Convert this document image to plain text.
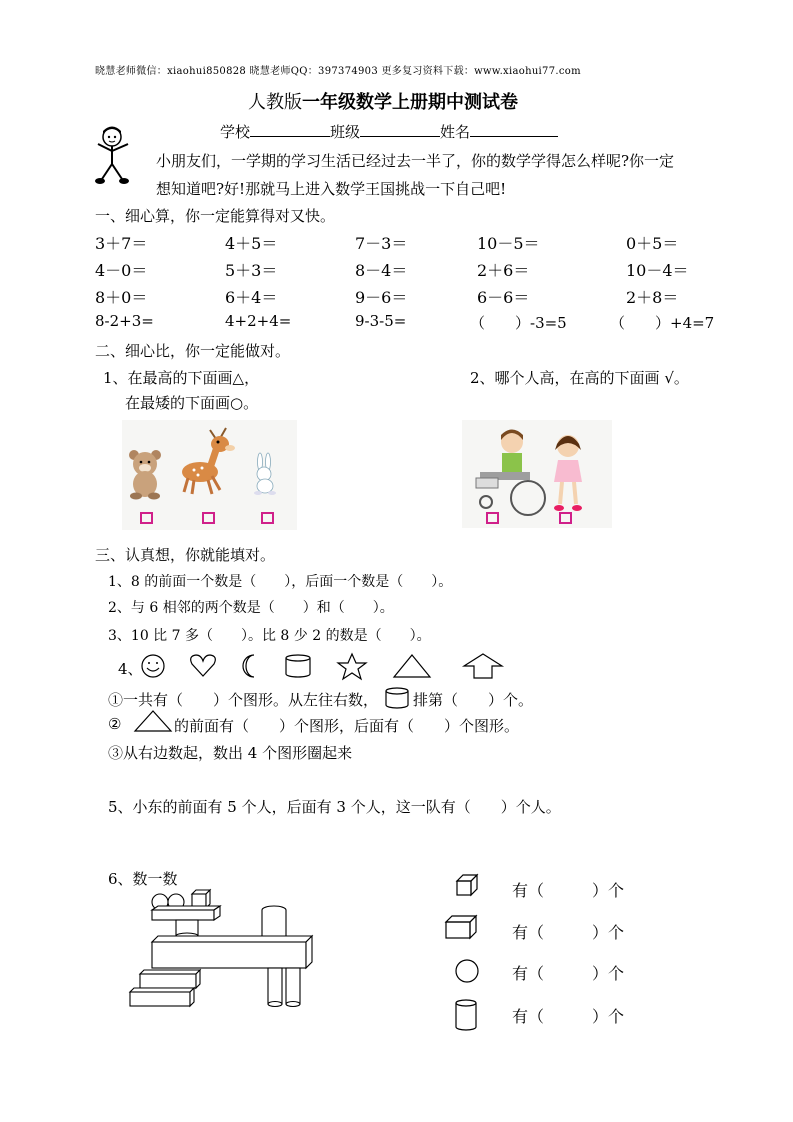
晓慧老师微信：xiaohui850828 晓慧老师QQ：397374903 更多复习资料下载：www.xiaohui77.com
人教版一年级数学上册期中测试卷
学校	班级	姓名
小朋友们，一学期的学习生活已经过去一半了，你的数学学得怎么样呢?你一定
想知道吧?好!那就马上进入数学王国挑战一下自己吧!
一、细心算，你一定能算得对又快。
3＋7＝	4＋5＝	7－3＝	10－5＝	0＋5＝
4－0＝	5＋3＝	8－4＝	2＋6＝	10－4＝
8＋0＝	6＋4＝	9－6＝	6－6＝	2＋8＝
8-2+3=	4+2+4=	9-3-5=	（　　）-3=5	（　　）+4=7
二、细心比，你一定能做对。
1、在最高的下面画△，
在最矮的下面画○。
2、哪个人高，在高的下面画 √。
三、认真想，你就能填对。
1、8 的前面一个数是（　　），后面一个数是（　　）。
2、与 6 相邻的两个数是（　　）和（　　）。
3、10 比 7 多（　　）。比 8 少 2 的数是（　　）。
4、
①一共有（　　）个图形。从左往右数， 排第（　　）个。
②	的前面有（　　）个图形，后面有（　　）个图形。
③从右边数起，数出 4 个图形圈起来
5、小东的前面有 5 个人，后面有 3 个人，这一队有（　　）个人。
6、数一数
有（　　　）个
有（　　　）个
有（　　　）个
有（　　　）个
